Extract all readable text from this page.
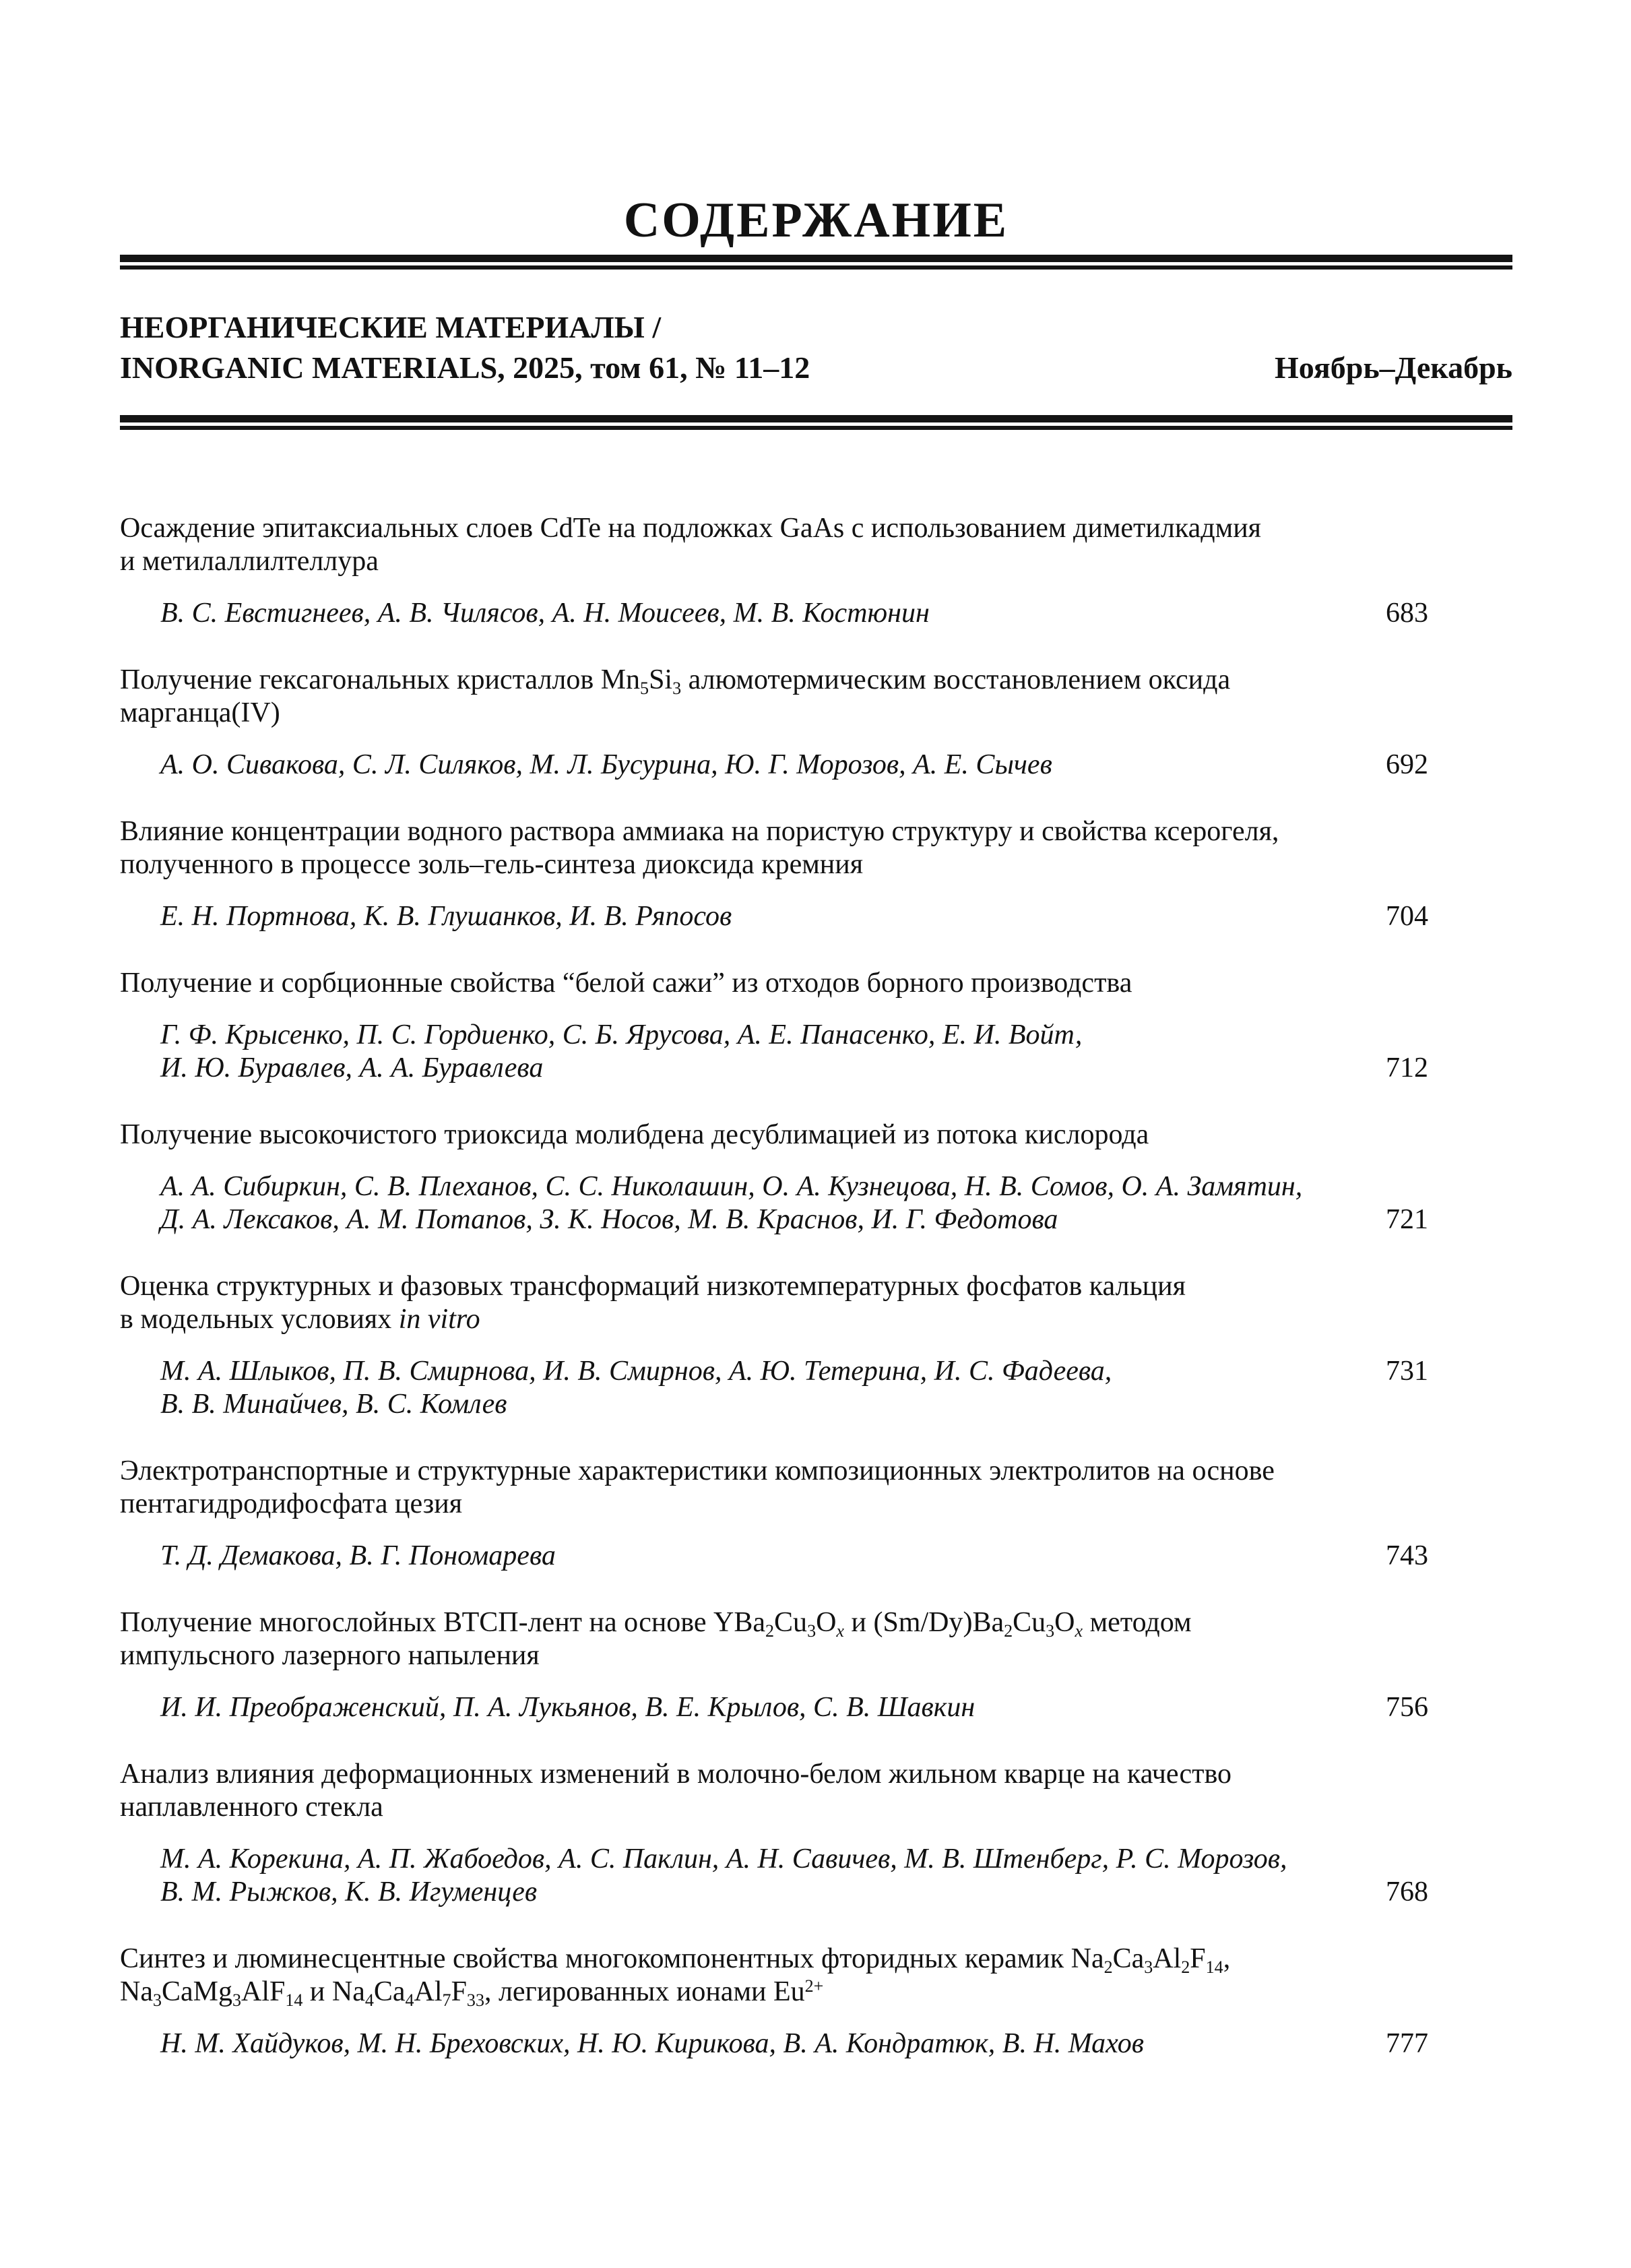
СОДЕРЖАНИЕ
НЕОРГАНИЧЕСКИЕ МАТЕРИАЛЫ /
INORGANIC MATERIALS, 2025, том 61, № 11–12	Ноябрь–Декабрь
Осаждение эпитаксиальных слоев CdTe на подложках GaAs с использованием диметилкадмия
и метилаллилтеллура
В. С. Евстигнеев, А. В. Чилясов, А. Н. Моисеев, М. В. Костюнин	683
Получение гексагональных кристаллов Mn5Si3 алюмотермическим восстановлением оксида
марганца(IV)
А. О. Сивакова, С. Л. Силяков, М. Л. Бусурина, Ю. Г. Морозов, А. Е. Сычев	692
Влияние концентрации водного раствора аммиака на пористую структуру и свойства ксерогеля,
полученного в процессе золь–гель-синтеза диоксида кремния
Е. Н. Портнова, К. В. Глушанков, И. В. Ряпосов	704
Получение и сорбционные свойства “белой сажи” из отходов борного производства
Г. Ф. Крысенко, П. С. Гордиенко, С. Б. Ярусова, А. Е. Панасенко, Е. И. Войт,
И. Ю. Буравлев, А. А. Буравлева	712
Получение высокочистого триоксида молибдена десублимацией из потока кислорода
А. А. Сибиркин, С. В. Плеханов, С. С. Николашин, О. А. Кузнецова, Н. В. Сомов, О. А. Замятин,
Д. А. Лексаков, А. М. Потапов, З. К. Носов, М. В. Краснов, И. Г. Федотова	721
Оценка структурных и фазовых трансформаций низкотемпературных фосфатов кальция
в модельных условиях in vitro
М. А. Шлыков, П. В. Смирнова, И. В. Смирнов, А. Ю. Тетерина, И. С. Фадеева,	731
В. В. Минайчев, В. С. Комлев
Электротранспортные и структурные характеристики композиционных электролитов на основе
пентагидродифосфата цезия
Т. Д. Демакова, В. Г. Пономарева	743
Получение многослойных ВТСП-лент на основе YBa2Cu3Ox и (Sm/Dy)Ba2Cu3Ox методом
импульсного лазерного напыления
И. И. Преображенский, П. А. Лукьянов, В. Е. Крылов, С. В. Шавкин	756
Анализ влияния деформационных изменений в молочно-белом жильном кварце на качество
наплавленного стекла
М. А. Корекина, А. П. Жабоедов, А. С. Паклин, А. Н. Савичев, М. В. Штенберг, Р. С. Морозов,
В. М. Рыжков, К. В. Игуменцев	768
Синтез и люминесцентные свойства многокомпонентных фторидных керамик Na2Ca3Al2F14,
Na3CaMg3AlF14 и Na4Ca4Al7F33, легированных ионами $Eu^{2+}$
Н. М. Хайдуков, М. Н. Бреховских, Н. Ю. Кирикова, В. А. Кондратюк, В. Н. Махов	777
